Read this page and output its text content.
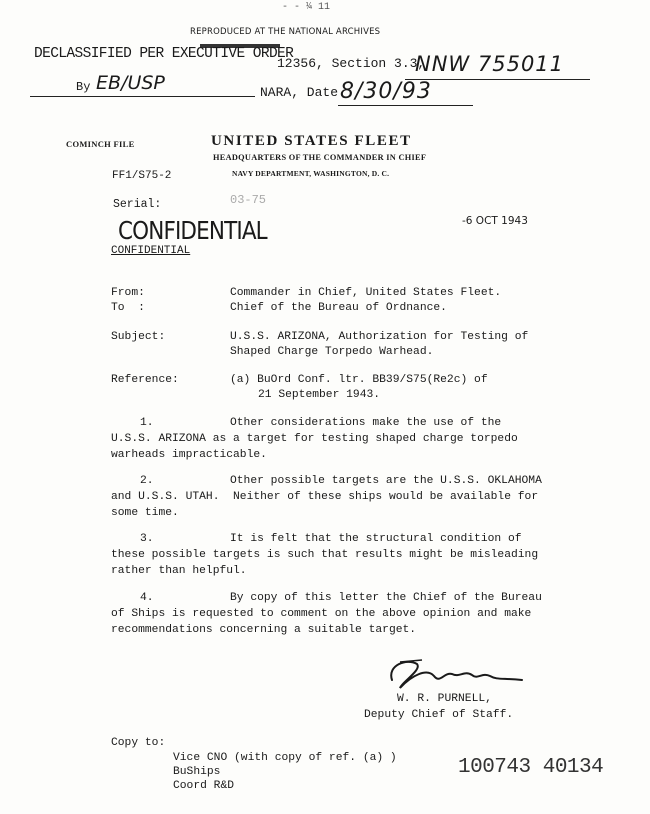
- - ¼ 11
REPRODUCED AT THE NATIONAL ARCHIVES
DECLASSIFIED PER EXECUTIVE ORDER
12356, Section 3.3,
NNW 755011
By EB/USP	NARA, Date 8/30/93
COMINCH FILE	UNITED STATES FLEET
HEADQUARTERS OF THE COMMANDER IN CHIEF
NAVY DEPARTMENT, WASHINGTON, D. C.
FF1/S75-2
Serial:	03-75
CONFIDENTIAL
CONFIDENTIAL
-6 OCT 1943
From:	Commander in Chief, United States Fleet.
To  :	Chief of the Bureau of Ordnance.
Subject:	U.S.S. ARIZONA, Authorization for Testing of
Shaped Charge Torpedo Warhead.
Reference:	(a) BuOrd Conf. ltr. BB39/S75(Re2c) of
21 September 1943.
1.	Other considerations make the use of the
U.S.S. ARIZONA as a target for testing shaped charge torpedo
warheads impracticable.
2.	Other possible targets are the U.S.S. OKLAHOMA
and U.S.S. UTAH.  Neither of these ships would be available for
some time.
3.	It is felt that the structural condition of
these possible targets is such that results might be misleading
rather than helpful.
4.	By copy of this letter the Chief of the Bureau
of Ships is requested to comment on the above opinion and make
recommendations concerning a suitable target.
W. R. PURNELL,
Deputy Chief of Staff.
Copy to:
Vice CNO (with copy of ref. (a) )
BuShips
Coord R&D
100743 40134
